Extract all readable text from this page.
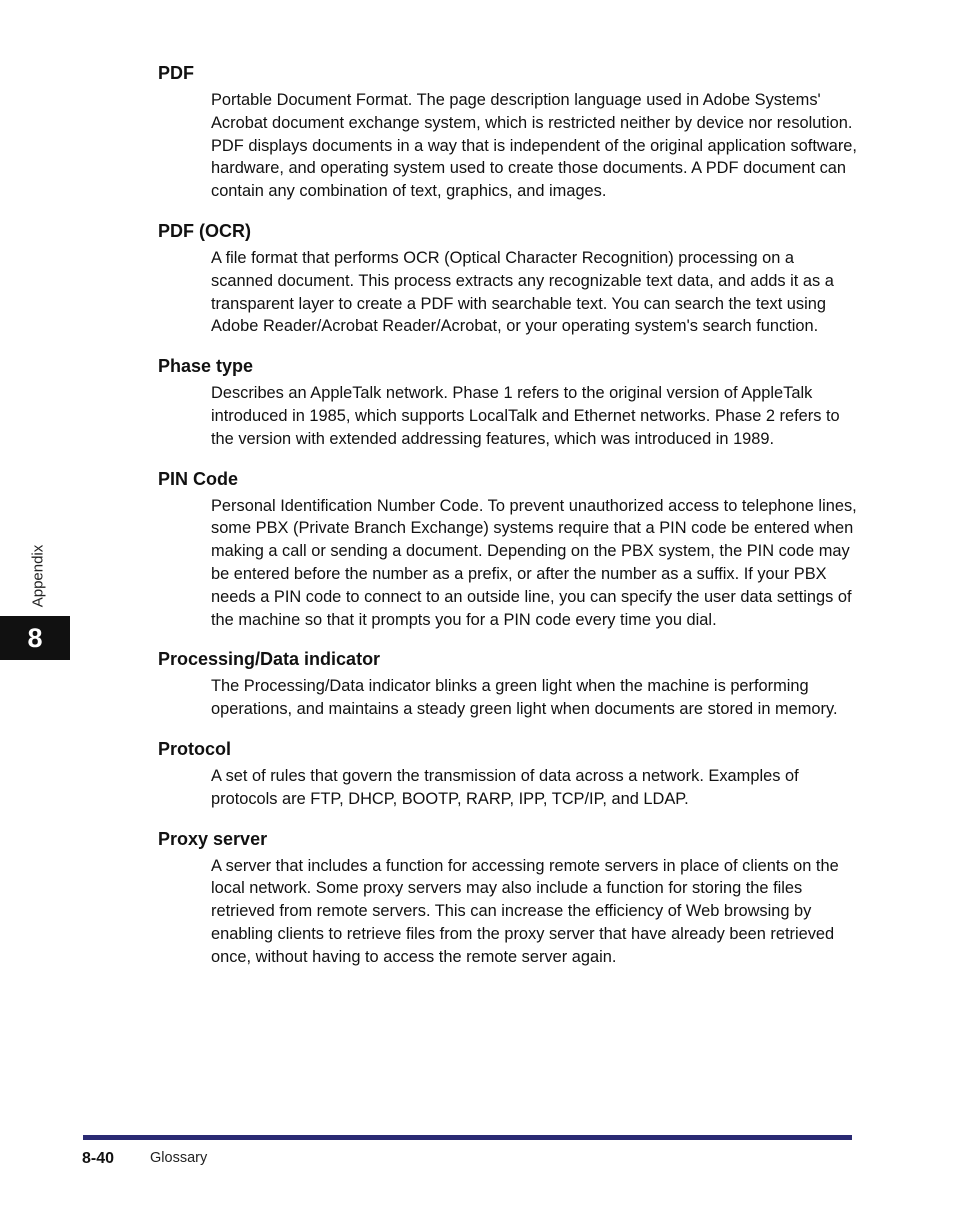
PDF
Portable Document Format. The page description language used in Adobe Systems' Acrobat document exchange system, which is restricted neither by device nor resolution. PDF displays documents in a way that is independent of the original application software, hardware, and operating system used to create those documents. A PDF document can contain any combination of text, graphics, and images.
PDF (OCR)
A file format that performs OCR (Optical Character Recognition) processing on a scanned document. This process extracts any recognizable text data, and adds it as a transparent layer to create a PDF with searchable text. You can search the text using Adobe Reader/Acrobat Reader/Acrobat, or your operating system's search function.
Phase type
Describes an AppleTalk network. Phase 1 refers to the original version of AppleTalk introduced in 1985, which supports LocalTalk and Ethernet networks. Phase 2 refers to the version with extended addressing features, which was introduced in 1989.
PIN Code
Personal Identification Number Code. To prevent unauthorized access to telephone lines, some PBX (Private Branch Exchange) systems require that a PIN code be entered when making a call or sending a document. Depending on the PBX system, the PIN code may be entered before the number as a prefix, or after the number as a suffix. If your PBX needs a PIN code to connect to an outside line, you can specify the user data settings of the machine so that it prompts you for a PIN code every time you dial.
Processing/Data indicator
The Processing/Data indicator blinks a green light when the machine is performing operations, and maintains a steady green light when documents are stored in memory.
Protocol
A set of rules that govern the transmission of data across a network. Examples of protocols are FTP, DHCP, BOOTP, RARP, IPP, TCP/IP, and LDAP.
Proxy server
A server that includes a function for accessing remote servers in place of clients on the local network. Some proxy servers may also include a function for storing the files retrieved from remote servers. This can increase the efficiency of Web browsing by enabling clients to retrieve files from the proxy server that have already been retrieved once, without having to access the remote server again.
Appendix
8
8-40 Glossary
